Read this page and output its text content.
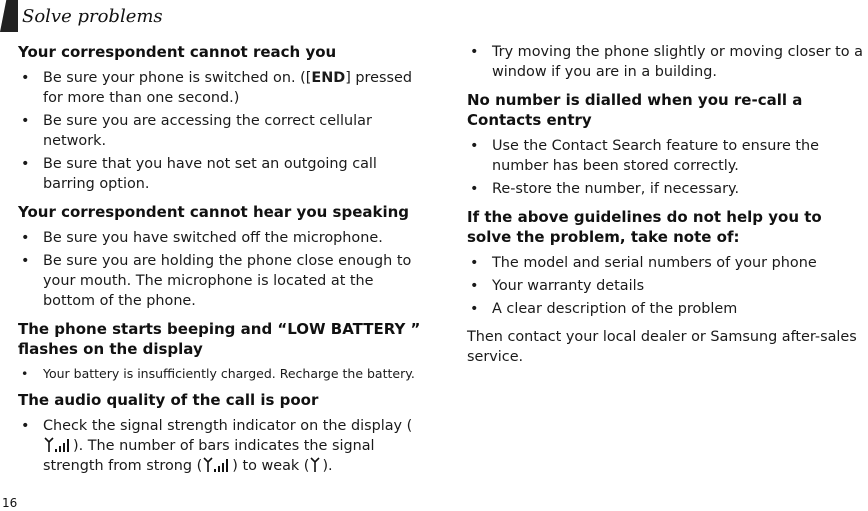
Solve problems
Your correspondent cannot reach you
• Be sure your phone is switched on. ([END] pressed for more than one second.)
• Be sure you are accessing the correct cellular network.
• Be sure that you have not set an outgoing call barring option.
Your correspondent cannot hear you speaking
• Be sure you have switched off the microphone.
• Be sure you are holding the phone close enough to your mouth. The microphone is located at the bottom of the phone.
The phone starts beeping and “LOW BATTERY ” flashes on the display
• Your battery is insufficiently charged. Recharge the battery.
The audio quality of the call is poor
• Check the signal strength indicator on the display (). The number of bars indicates the signal strength from strong ( ) to weak ( ).
• Try moving the phone slightly or moving closer to a window if you are in a building.
No number is dialled when you re-call a Contacts entry
• Use the Contact Search feature to ensure the number has been stored correctly.
• Re-store the number, if necessary.
If the above guidelines do not help you to solve the problem, take note of:
• The model and serial numbers of your phone
• Your warranty details
• A clear description of the problem

Then contact your local dealer or Samsung after-sales service.

16
